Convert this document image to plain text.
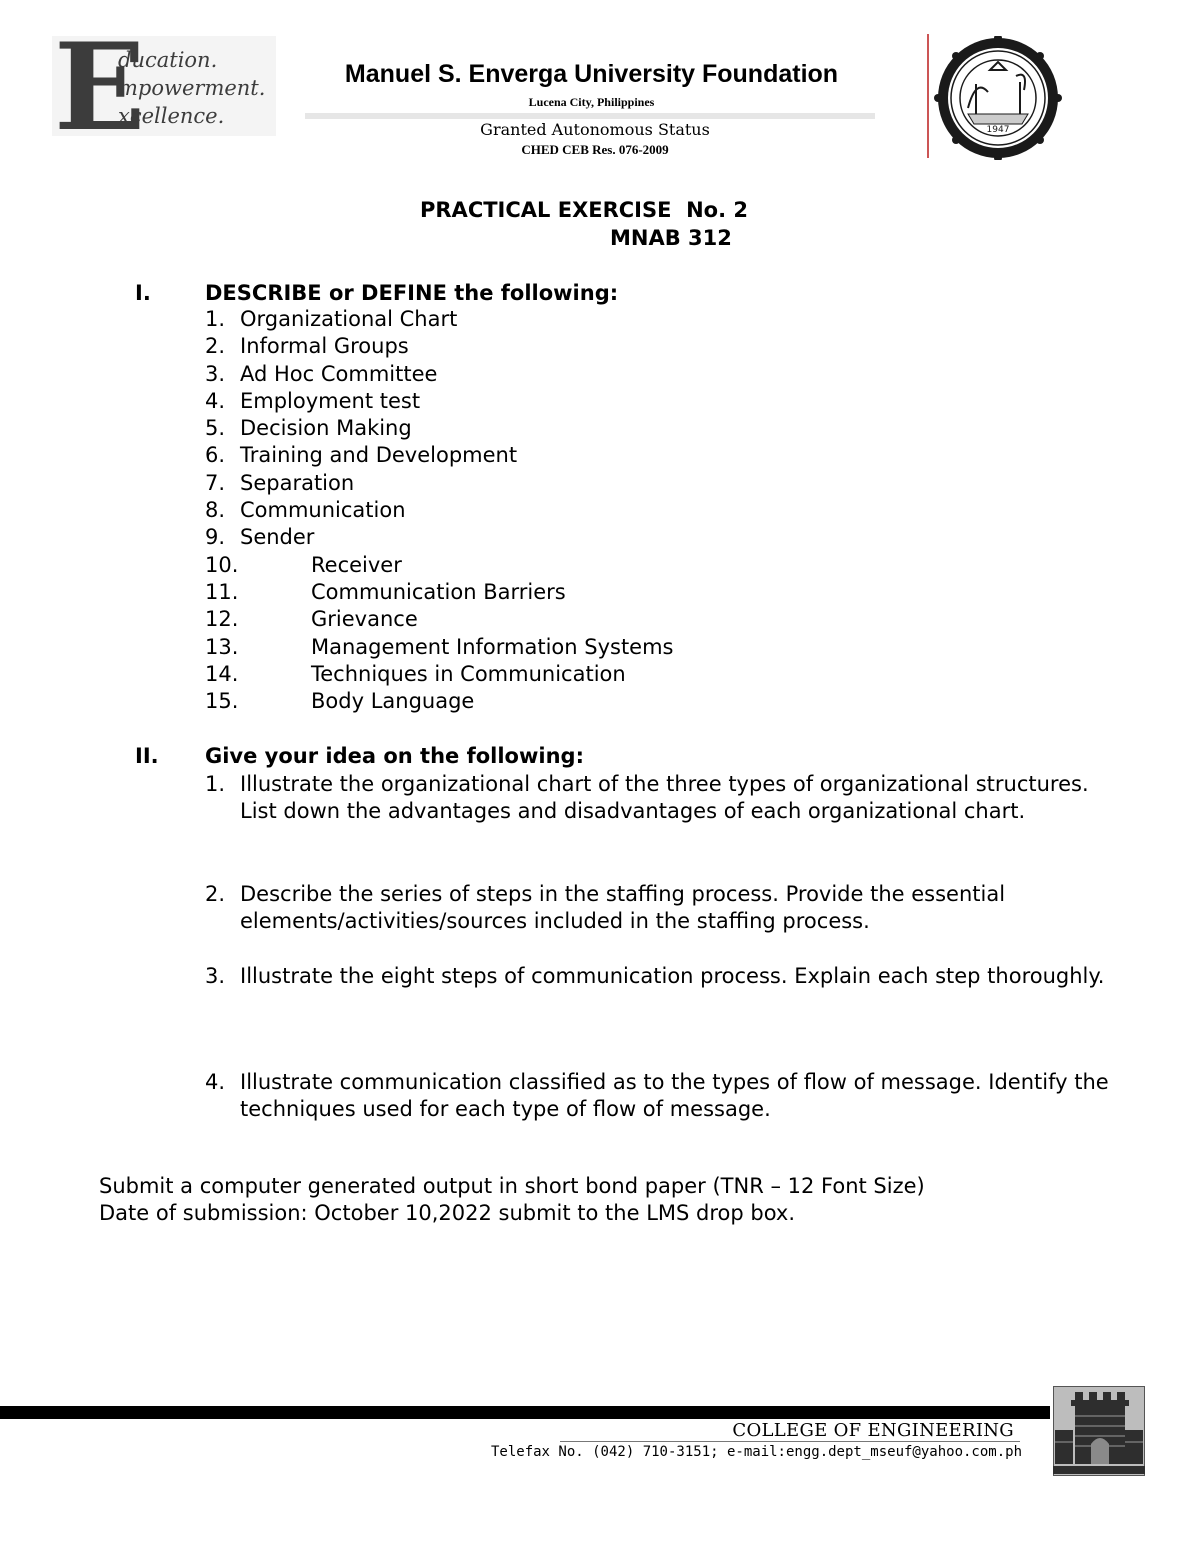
E
ducation.
mpowerment.
xcellence.
Manuel S. Enverga University Foundation
Lucena City, Philippines
Granted Autonomous Status
CHED CEB Res. 076-2009
1947
PRACTICAL EXERCISE  No. 2
MNAB 312
I.	DESCRIBE or DEFINE the following:
1. Organizational Chart
2. Informal Groups
3. Ad Hoc Committee
4. Employment test
5. Decision Making
6. Training and Development
7. Separation
8. Communication
9. Sender
10.	Receiver
11.	Communication Barriers
12.	Grievance
13.	Management Information Systems
14.	Techniques in Communication
15.	Body Language
II. Give your idea on the following:
1. Illustrate the organizational chart of the three types of organizational structures. List down the advantages and disadvantages of each organizational chart.
2. Describe the series of steps in the staffing process. Provide the essential elements/activities/sources included in the staffing process.
3. Illustrate the eight steps of communication process. Explain each step thoroughly.
4. Illustrate communication classified as to the types of flow of message. Identify the techniques used for each type of flow of message.
Submit a computer generated output in short bond paper (TNR – 12 Font Size)
Date of submission: October 10,2022 submit to the LMS drop box.
COLLEGE OF ENGINEERING
Telefax No. (042) 710-3151; e-mail:engg.dept_mseuf@yahoo.com.ph
